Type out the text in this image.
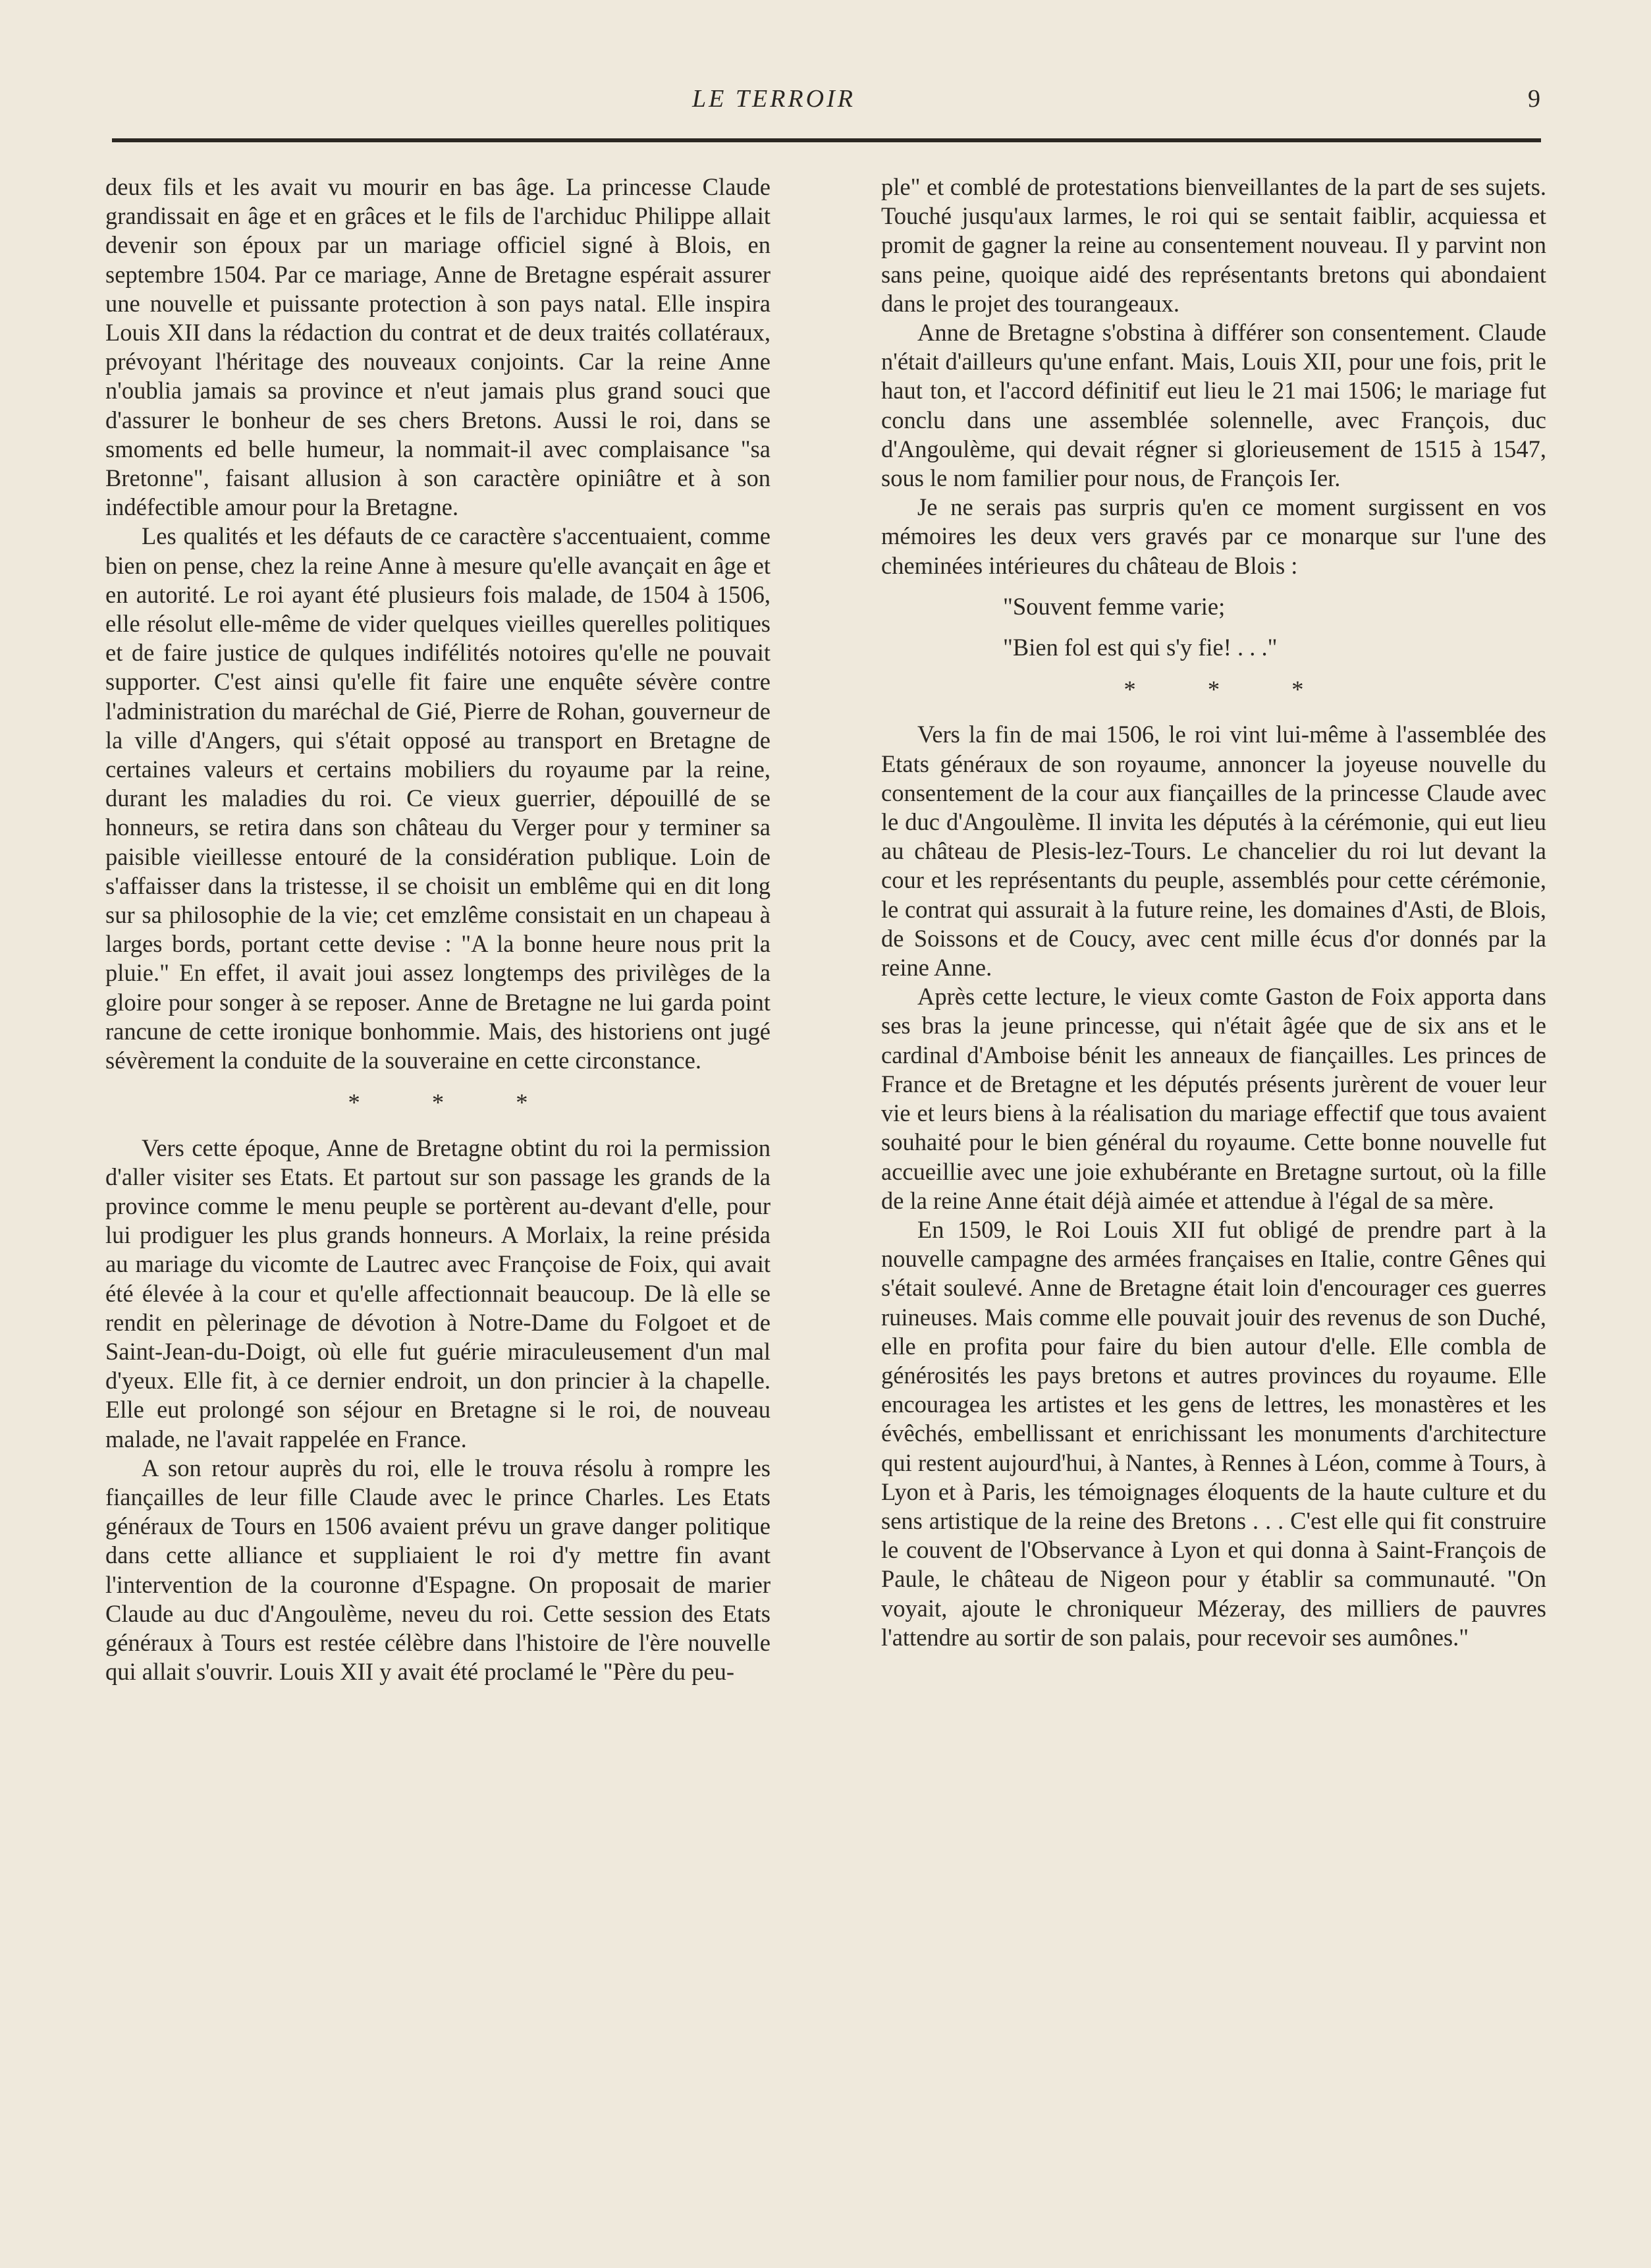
LE TERROIR	9

deux fils et les avait vu mourir en bas âge. La princesse Claude grandissait en âge et en grâces et le fils de l'archiduc Philippe allait devenir son époux par un mariage officiel signé à Blois, en septembre 1504. Par ce mariage, Anne de Bretagne espérait assurer une nouvelle et puissante protection à son pays natal. Elle inspira Louis XII dans la rédaction du contrat et de deux traités collatéraux, prévoyant l'héritage des nouveaux conjoints. Car la reine Anne n'oublia jamais sa province et n'eut jamais plus grand souci que d'assurer le bonheur de ses chers Bretons. Aussi le roi, dans se smoments ed belle humeur, la nommait-il avec complaisance "sa Bretonne", faisant allusion à son caractère opiniâtre et à son indéfectible amour pour la Bretagne.

Les qualités et les défauts de ce caractère s'accentuaient, comme bien on pense, chez la reine Anne à mesure qu'elle avançait en âge et en autorité. Le roi ayant été plusieurs fois malade, de 1504 à 1506, elle résolut elle-même de vider quelques vieilles querelles politiques et de faire justice de qulques indifélités notoires qu'elle ne pouvait supporter. C'est ainsi qu'elle fit faire une enquête sévère contre l'administration du maréchal de Gié, Pierre de Rohan, gouverneur de la ville d'Angers, qui s'était opposé au transport en Bretagne de certaines valeurs et certains mobiliers du royaume par la reine, durant les maladies du roi. Ce vieux guerrier, dépouillé de se honneurs, se retira dans son château du Verger pour y terminer sa paisible vieillesse entouré de la considération publique. Loin de s'affaisser dans la tristesse, il se choisit un emblême qui en dit long sur sa philosophie de la vie; cet emzlême consistait en un chapeau à larges bords, portant cette devise : "A la bonne heure nous prit la pluie." En effet, il avait joui assez longtemps des privilèges de la gloire pour songer à se reposer. Anne de Bretagne ne lui garda point rancune de cette ironique bonhommie. Mais, des historiens ont jugé sévèrement la conduite de la souveraine en cette circonstance.

* * *

Vers cette époque, Anne de Bretagne obtint du roi la permission d'aller visiter ses Etats. Et partout sur son passage les grands de la province comme le menu peuple se portèrent au-devant d'elle, pour lui prodiguer les plus grands honneurs. A Morlaix, la reine présida au mariage du vicomte de Lautrec avec Françoise de Foix, qui avait été élevée à la cour et qu'elle affectionnait beaucoup. De là elle se rendit en pèlerinage de dévotion à Notre-Dame du Folgoet et de Saint-Jean-du-Doigt, où elle fut guérie miraculeusement d'un mal d'yeux. Elle fit, à ce dernier endroit, un don princier à la chapelle. Elle eut prolongé son séjour en Bretagne si le roi, de nouveau malade, ne l'avait rappelée en France.

A son retour auprès du roi, elle le trouva résolu à rompre les fiançailles de leur fille Claude avec le prince Charles. Les Etats généraux de Tours en 1506 avaient prévu un grave danger politique dans cette alliance et suppliaient le roi d'y mettre fin avant l'intervention de la couronne d'Espagne. On proposait de marier Claude au duc d'Angoulème, neveu du roi. Cette session des Etats généraux à Tours est restée célèbre dans l'histoire de l'ère nouvelle qui allait s'ouvrir. Louis XII y avait été proclamé le "Père du peu-

ple" et comblé de protestations bienveillantes de la part de ses sujets. Touché jusqu'aux larmes, le roi qui se sentait faiblir, acquiessa et promit de gagner la reine au consentement nouveau. Il y parvint non sans peine, quoique aidé des représentants bretons qui abondaient dans le projet des tourangeaux.

Anne de Bretagne s'obstina à différer son consentement. Claude n'était d'ailleurs qu'une enfant. Mais, Louis XII, pour une fois, prit le haut ton, et l'accord définitif eut lieu le 21 mai 1506; le mariage fut conclu dans une assemblée solennelle, avec François, duc d'Angoulème, qui devait régner si glorieusement de 1515 à 1547, sous le nom familier pour nous, de François Ier.

Je ne serais pas surpris qu'en ce moment surgissent en vos mémoires les deux vers gravés par ce monarque sur l'une des cheminées intérieures du château de Blois :

"Souvent femme varie;
"Bien fol est qui s'y fie! . . ."
* * *

Vers la fin de mai 1506, le roi vint lui-même à l'assemblée des Etats généraux de son royaume, annoncer la joyeuse nouvelle du consentement de la cour aux fiançailles de la princesse Claude avec le duc d'Angoulème. Il invita les députés à la cérémonie, qui eut lieu au château de Plesis-lez-Tours. Le chancelier du roi lut devant la cour et les représentants du peuple, assemblés pour cette cérémonie, le contrat qui assurait à la future reine, les domaines d'Asti, de Blois, de Soissons et de Coucy, avec cent mille écus d'or donnés par la reine Anne.

Après cette lecture, le vieux comte Gaston de Foix apporta dans ses bras la jeune princesse, qui n'était âgée que de six ans et le cardinal d'Amboise bénit les anneaux de fiançailles. Les princes de France et de Bretagne et les députés présents jurèrent de vouer leur vie et leurs biens à la réalisation du mariage effectif que tous avaient souhaité pour le bien général du royaume. Cette bonne nouvelle fut accueillie avec une joie exhubérante en Bretagne surtout, où la fille de la reine Anne était déjà aimée et attendue à l'égal de sa mère.

En 1509, le Roi Louis XII fut obligé de prendre part à la nouvelle campagne des armées françaises en Italie, contre Gênes qui s'était soulevé. Anne de Bretagne était loin d'encourager ces guerres ruineuses. Mais comme elle pouvait jouir des revenus de son Duché, elle en profita pour faire du bien autour d'elle. Elle combla de générosités les pays bretons et autres provinces du royaume. Elle encouragea les artistes et les gens de lettres, les monastères et les évêchés, embellissant et enrichissant les monuments d'architecture qui restent aujourd'hui, à Nantes, à Rennes à Léon, comme à Tours, à Lyon et à Paris, les témoignages éloquents de la haute culture et du sens artistique de la reine des Bretons . . . C'est elle qui fit construire le couvent de l'Observance à Lyon et qui donna à Saint-François de Paule, le château de Nigeon pour y établir sa communauté. "On voyait, ajoute le chroniqueur Mézeray, des milliers de pauvres l'attendre au sortir de son palais, pour recevoir ses aumônes."
